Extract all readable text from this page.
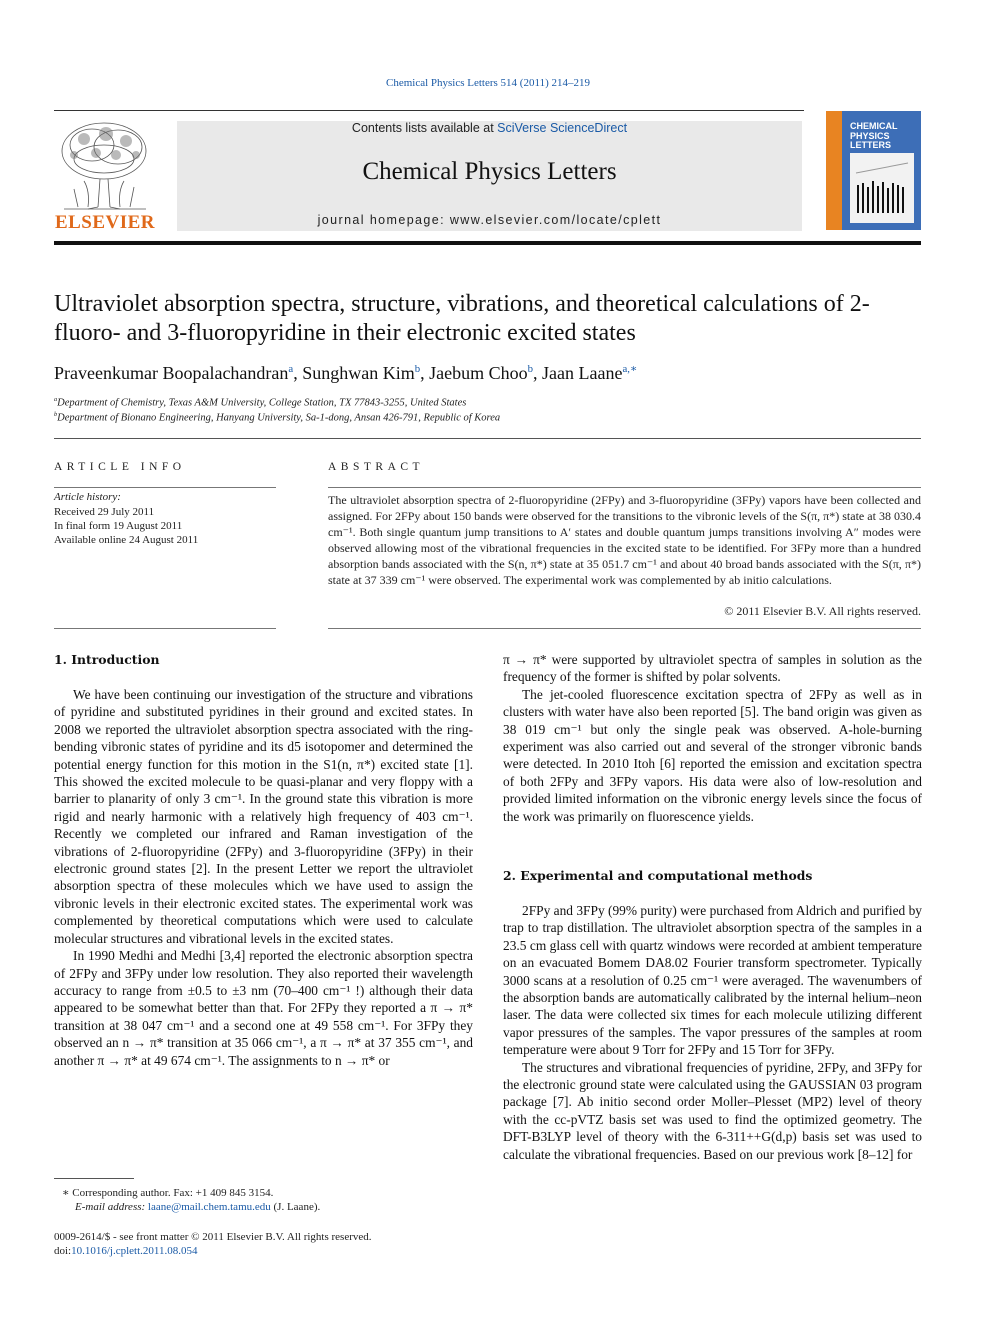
Chemical Physics Letters 514 (2011) 214–219
ELSEVIER
Contents lists available at SciVerse ScienceDirect
Chemical Physics Letters
journal homepage: www.elsevier.com/locate/cplett
CHEMICAL PHYSICS LETTERS
Ultraviolet absorption spectra, structure, vibrations, and theoretical calculations of 2-fluoro- and 3-fluoropyridine in their electronic excited states
Praveenkumar Boopalachandran$^a$, Sunghwan Kim$^b$, Jaebum Choo$^b$, Jaan Laane$^{a,∗}$
$^a$Department of Chemistry, Texas A&M University, College Station, TX 77843-3255, United States
$^b$Department of Bionano Engineering, Hanyang University, Sa-1-dong, Ansan 426-791, Republic of Korea
ARTICLE INFO
Article history:
Received 29 July 2011
In final form 19 August 2011
Available online 24 August 2011
ABSTRACT
The ultraviolet absorption spectra of 2-fluoropyridine (2FPy) and 3-fluoropyridine (3FPy) vapors have been collected and assigned. For 2FPy about 150 bands were observed for the transitions to the vibronic levels of the S(π, π*) state at 38 030.4 cm⁻¹. Both single quantum jump transitions to A′ states and double quantum jumps transitions involving A″ modes were observed allowing most of the vibrational frequencies in the excited state to be identified. For 3FPy more than a hundred absorption bands associated with the S(n, π*) state at 35 051.7 cm⁻¹ and about 40 broad bands associated with the S(π, π*) state at 37 339 cm⁻¹ were observed. The experimental work was complemented by ab initio calculations.
© 2011 Elsevier B.V. All rights reserved.
1. Introduction

We have been continuing our investigation of the structure and vibrations of pyridine and substituted pyridines in their ground and excited states. In 2008 we reported the ultraviolet absorption spectra associated with the ring-bending vibronic states of pyridine and its d5 isotopomer and determined the potential energy function for this motion in the S1(n, π*) excited state [1]. This showed the excited molecule to be quasi-planar and very floppy with a barrier to planarity of only 3 cm⁻¹. In the ground state this vibration is more rigid and nearly harmonic with a relatively high frequency of 403 cm⁻¹. Recently we completed our infrared and Raman investigation of the vibrations of 2-fluoropyridine (2FPy) and 3-fluoropyridine (3FPy) in their electronic ground states [2]. In the present Letter we report the ultraviolet absorption spectra of these molecules which we have used to assign the vibronic levels in their electronic excited states. The experimental work was complemented by theoretical computations which were used to calculate molecular structures and vibrational levels in the excited states.

In 1990 Medhi and Medhi [3,4] reported the electronic absorption spectra of 2FPy and 3FPy under low resolution. They also reported their wavelength accuracy to range from ±0.5 to ±3 nm (70–400 cm⁻¹ !) although their data appeared to be somewhat better than that. For 2FPy they reported a π → π* transition at 38 047 cm⁻¹ and a second one at 49 558 cm⁻¹. For 3FPy they observed an n → π* transition at 35 066 cm⁻¹, a π → π* at 37 355 cm⁻¹, and another π → π* at 49 674 cm⁻¹. The assignments to n → π* or

π → π* were supported by ultraviolet spectra of samples in solution as the frequency of the former is shifted by polar solvents.

The jet-cooled fluorescence excitation spectra of 2FPy as well as in clusters with water have also been reported [5]. The band origin was given as 38 019 cm⁻¹ but only the single peak was observed. A-hole-burning experiment was also carried out and several of the stronger vibronic bands were detected. In 2010 Itoh [6] reported the emission and excitation spectra of both 2FPy and 3FPy vapors. His data were also of low-resolution and provided limited information on the vibronic energy levels since the focus of the work was primarily on fluorescence yields.

2. Experimental and computational methods

2FPy and 3FPy (99% purity) were purchased from Aldrich and purified by trap to trap distillation. The ultraviolet absorption spectra of the samples in a 23.5 cm glass cell with quartz windows were recorded at ambient temperature on an evacuated Bomem DA8.02 Fourier transform spectrometer. Typically 3000 scans at a resolution of 0.25 cm⁻¹ were averaged. The wavenumbers of the absorption bands are automatically calibrated by the internal helium–neon laser. The data were collected six times for each molecule utilizing different vapor pressures of the samples. The vapor pressures of the samples at room temperature were about 9 Torr for 2FPy and 15 Torr for 3FPy.

The structures and vibrational frequencies of pyridine, 2FPy, and 3FPy for the electronic ground state were calculated using the GAUSSIAN 03 program package [7]. Ab initio second order Moller–Plesset (MP2) level of theory with the cc-pVTZ basis set was used to find the optimized geometry. The DFT-B3LYP level of theory with the 6-311++G(d,p) basis set was used to calculate the vibrational frequencies. Based on our previous work [8–12] for

∗ Corresponding author. Fax: +1 409 845 3154.
E-mail address: laane@mail.chem.tamu.edu (J. Laane).
0009-2614/$ - see front matter © 2011 Elsevier B.V. All rights reserved.
doi:10.1016/j.cplett.2011.08.054
